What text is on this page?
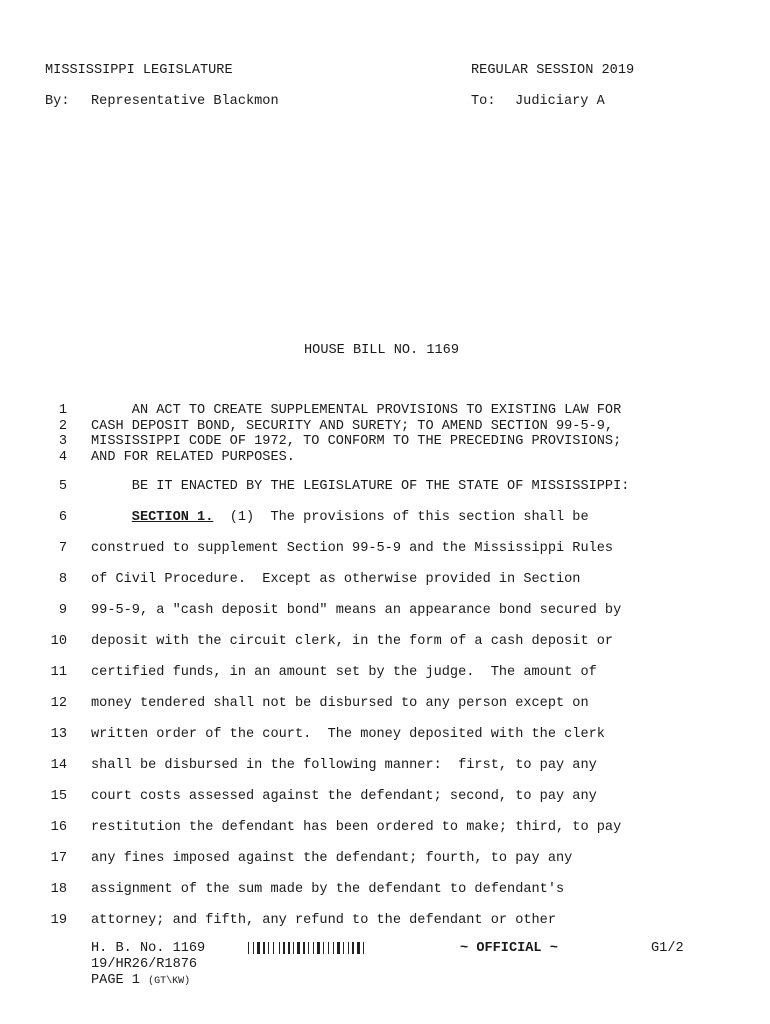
MISSISSIPPI LEGISLATURE	REGULAR SESSION 2019
By: Representative Blackmon	To: Judiciary A
HOUSE BILL NO. 1169
1 AN ACT TO CREATE SUPPLEMENTAL PROVISIONS TO EXISTING LAW FOR
2 CASH DEPOSIT BOND, SECURITY AND SURETY; TO AMEND SECTION 99-5-9,
3 MISSISSIPPI CODE OF 1972, TO CONFORM TO THE PRECEDING PROVISIONS;
4 AND FOR RELATED PURPOSES.
5 BE IT ENACTED BY THE LEGISLATURE OF THE STATE OF MISSISSIPPI:
6	SECTION 1.  (1)  The provisions of this section shall be
7 construed to supplement Section 99-5-9 and the Mississippi Rules
8 of Civil Procedure.  Except as otherwise provided in Section
9 99-5-9, a "cash deposit bond" means an appearance bond secured by
10 deposit with the circuit clerk, in the form of a cash deposit or
11 certified funds, in an amount set by the judge.  The amount of
12 money tendered shall not be disbursed to any person except on
13 written order of the court.  The money deposited with the clerk
14 shall be disbursed in the following manner:  first, to pay any
15 court costs assessed against the defendant; second, to pay any
16 restitution the defendant has been ordered to make; third, to pay
17 any fines imposed against the defendant; fourth, to pay any
18 assignment of the sum made by the defendant to defendant's
19 attorney; and fifth, any refund to the defendant or other
H. B. No. 1169	~ OFFICIAL ~	G1/2
19/HR26/R1876
PAGE 1 (GT\KW)
